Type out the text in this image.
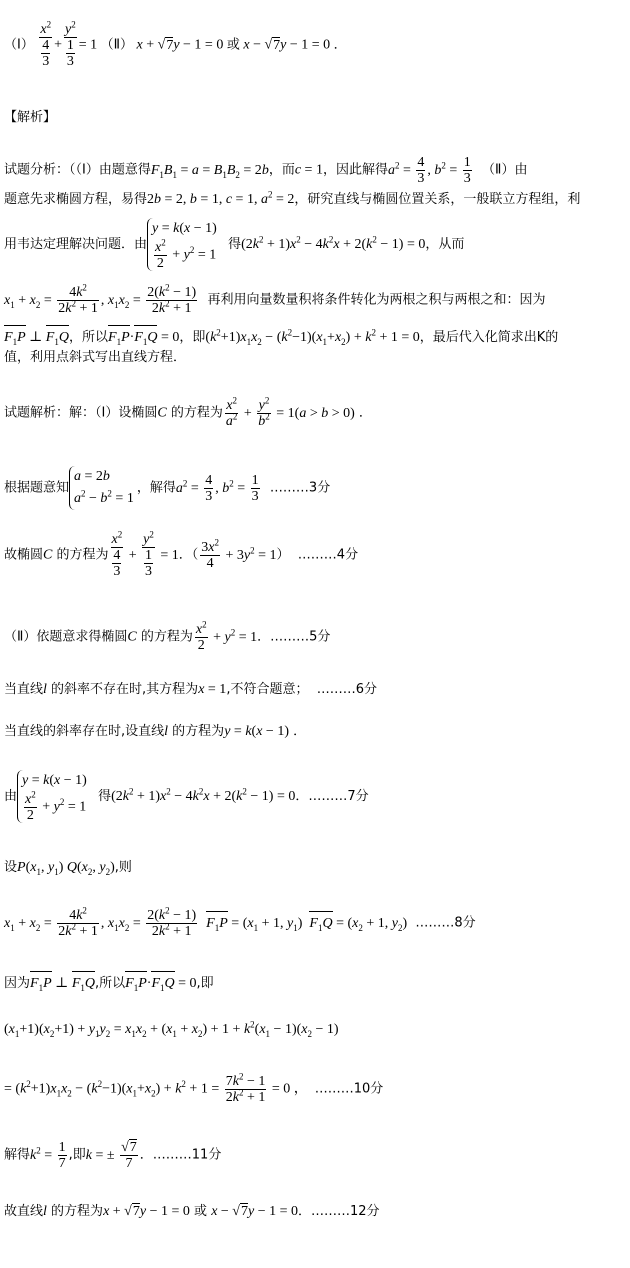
（Ⅰ） $\frac{x^2}{\frac{4}{3}} + \frac{y^2}{\frac{1}{3}} = 1$ （Ⅱ） x + √7y − 1 = 0 或 x − √7y − 1 = 0 ．
【解析】
试题分析：（（Ⅰ）由题意得$F_1B_1 = a = B_1B_2 = 2b$，而c = 1，因此解得$a^2 = \frac{4}{3}$ , $b^2 = \frac{1}{3}$ （Ⅱ）由
题意先求椭圆方程，易得2b = 2, b = 1, c = 1, $a^2 = 2$，研究直线与椭圆位置关系，一般联立方程组，利
用韦达定理解决问题．由
y = k(x − 1)
$\frac{x^2}{2} + y^2 = 1$
得$(2k^2 + 1)x^2 - 4k^2x + 2(k^2 - 1) = 0$，从而
$x_1 + x_2 = \frac{4k^2}{2k^2 + 1}$ , $x_1x_2 = \frac{2(k^2 - 1)}{2k^2 + 1}$ 再利用向量数量积将条件转化为两根之积与两根之和：因为
$F_1P$ ⊥ $F_1Q$，所以$F_1P\cdot F_1Q = 0$，即$(k^2+1)x_1x_2 - (k^2-1)(x_1+x_2) + k^2 + 1 = 0$，最后代入化简求出K的
值，利用点斜式写出直线方程．
试题解析：解：（Ⅰ）设椭圆C 的方程为 $\frac{x^2}{a^2} + \frac{y^2}{b^2} = 1(a > b > 0)$ ．
根据题意知
a = 2b
$a^2 - b^2 = 1$
，解得$a^2 = \frac{4}{3}$ , $b^2 = \frac{1}{3}$ ………3分
故椭圆C 的方程为 $\frac{x^2}{\frac{4}{3}} + \frac{y^2}{\frac{1}{3}} = 1$．（ $\frac{3x^2}{4} + 3y^2 = 1$）  ………4分
（Ⅱ）依题意求得椭圆C 的方程为 $\frac{x^2}{2} + y^2 = 1$．………5分
当直线l 的斜率不存在时,其方程为x = 1,不符合题意； ………6分
当直线的斜率存在时,设直线l 的方程为y = k(x − 1) ．
由
y = k(x − 1)
$\frac{x^2}{2} + y^2 = 1$
得$(2k^2 + 1)x^2 - 4k^2x + 2(k^2 - 1) = 0$．………7分
设$P(x_1$, $y_1$) $Q(x_2$, $y_2$),则
$x_1 + x_2 = \frac{4k^2}{2k^2 + 1}$ , $x_1x_2 = \frac{2(k^2 - 1)}{2k^2 + 1} F_1P = (x_1 + 1$, $y_1$)  $F_1Q = (x_2 + 1$, $y_2$) ………8分
因为$F_1P$ ⊥ $F_1Q$,所以$F_1P\cdot F_1Q = 0$,即
$(x_1+1)(x_2+1) + y_1y_2 = x_1x_2 + (x_1 + x_2) + 1 + k^2(x_1 - 1)(x_2 - 1)$
= $(k^2+1)x_1x_2 - (k^2-1)(x_1+x_2) + k^2 + 1 = \frac{7k^2 - 1}{2k^2 + 1} = 0$ ，  ………10分
解得$k^2 = \frac{1}{7}$ ,即k = ± $\frac{√7}{7}$ ．………11分
故直线l 的方程为x + √7y − 1 = 0 或 x − √7y − 1 = 0．………12分
